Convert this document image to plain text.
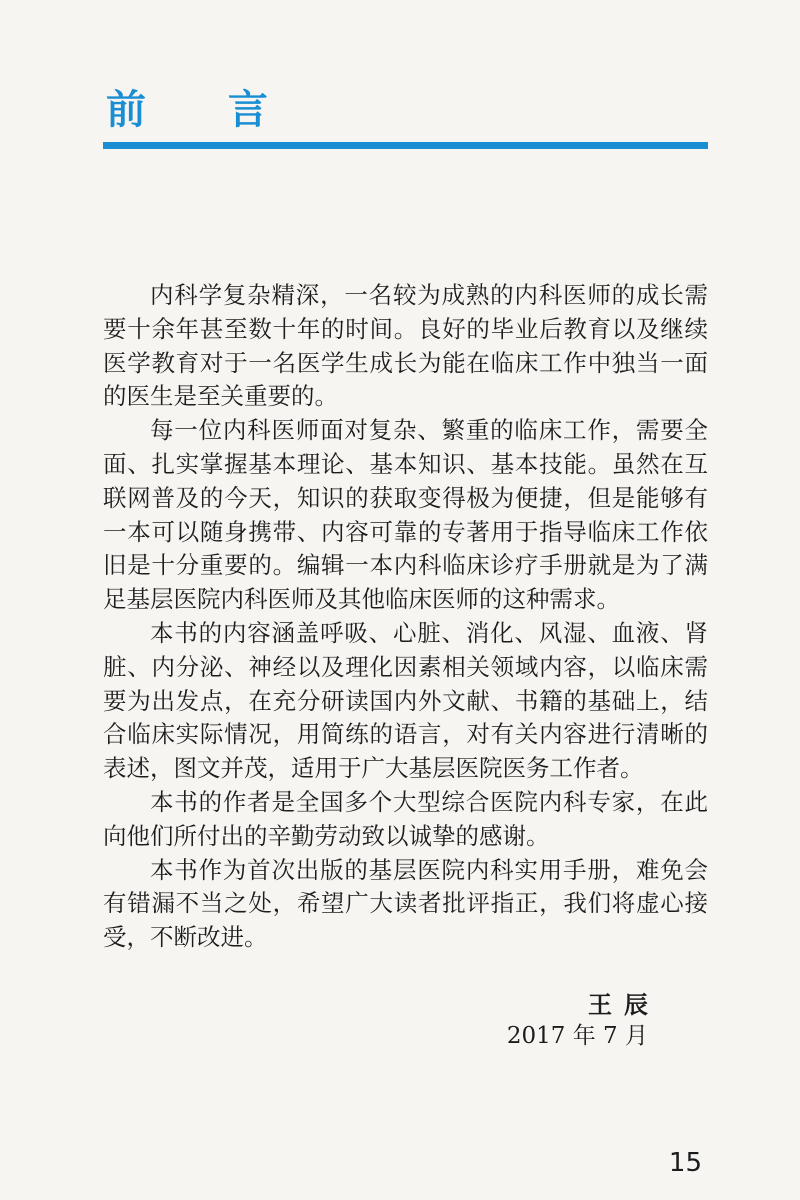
前 言

内科学复杂精深，一名较为成熟的内科医师的成长需要十余年甚至数十年的时间。良好的毕业后教育以及继续医学教育对于一名医学生成长为能在临床工作中独当一面的医生是至关重要的。

每一位内科医师面对复杂、繁重的临床工作，需要全面、扎实掌握基本理论、基本知识、基本技能。虽然在互联网普及的今天，知识的获取变得极为便捷，但是能够有一本可以随身携带、内容可靠的专著用于指导临床工作依旧是十分重要的。编辑一本内科临床诊疗手册就是为了满足基层医院内科医师及其他临床医师的这种需求。

本书的内容涵盖呼吸、心脏、消化、风湿、血液、肾脏、内分泌、神经以及理化因素相关领域内容，以临床需要为出发点，在充分研读国内外文献、书籍的基础上，结合临床实际情况，用简练的语言，对有关内容进行清晰的表述，图文并茂，适用于广大基层医院医务工作者。

本书的作者是全国多个大型综合医院内科专家，在此向他们所付出的辛勤劳动致以诚挚的感谢。

本书作为首次出版的基层医院内科实用手册，难免会有错漏不当之处，希望广大读者批评指正，我们将虚心接受，不断改进。

王辰
2017 年 7 月
15
